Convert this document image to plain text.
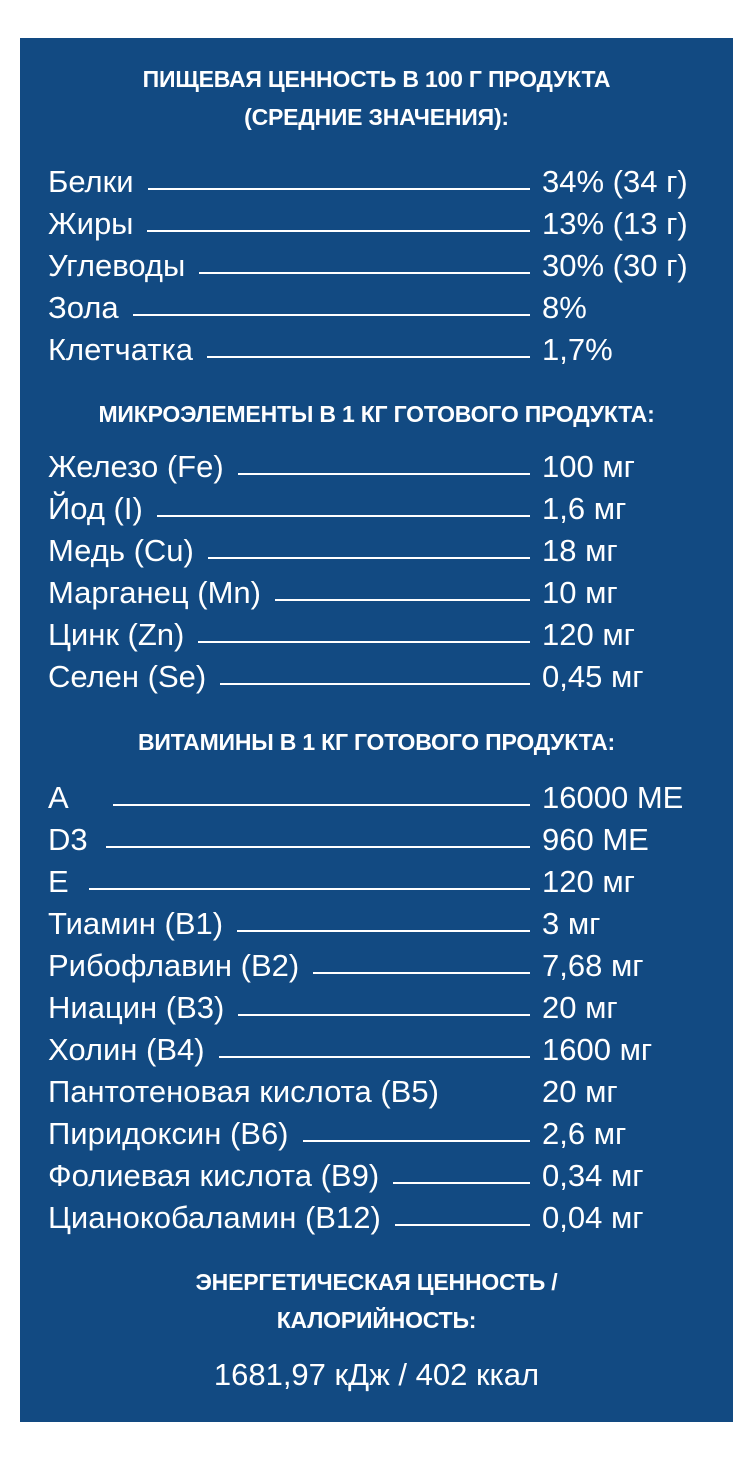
ПИЩЕВАЯ ЦЕННОСТЬ В 100 Г ПРОДУКТА
(СРЕДНИЕ ЗНАЧЕНИЯ):
Белки	34% (34 г)
Жиры	13% (13 г)
Углеводы	30% (30 г)
Зола	8%
Клетчатка	1,7%
МИКРОЭЛЕМЕНТЫ В 1 КГ ГОТОВОГО ПРОДУКТА:
Железо (Fe)	100 мг
Йод (I)	1,6 мг
Медь (Cu)	18 мг
Марганец (Mn)	10 мг
Цинк (Zn)	120 мг
Селен (Se)	0,45 мг
ВИТАМИНЫ В 1 КГ ГОТОВОГО ПРОДУКТА:
A	16000 МЕ
D3	960 МЕ
E	120 мг
Тиамин (B1)	3 мг
Рибофлавин (B2)	7,68 мг
Ниацин (B3)	20 мг
Холин (B4)	1600 мг
Пантотеновая кислота (B5)	20 мг
Пиридоксин (B6)	2,6 мг
Фолиевая кислота (B9)	0,34 мг
Цианокобаламин (B12)	0,04 мг
ЭНЕРГЕТИЧЕСКАЯ ЦЕННОСТЬ /
КАЛОРИЙНОСТЬ:
1681,97 кДж / 402 ккал
